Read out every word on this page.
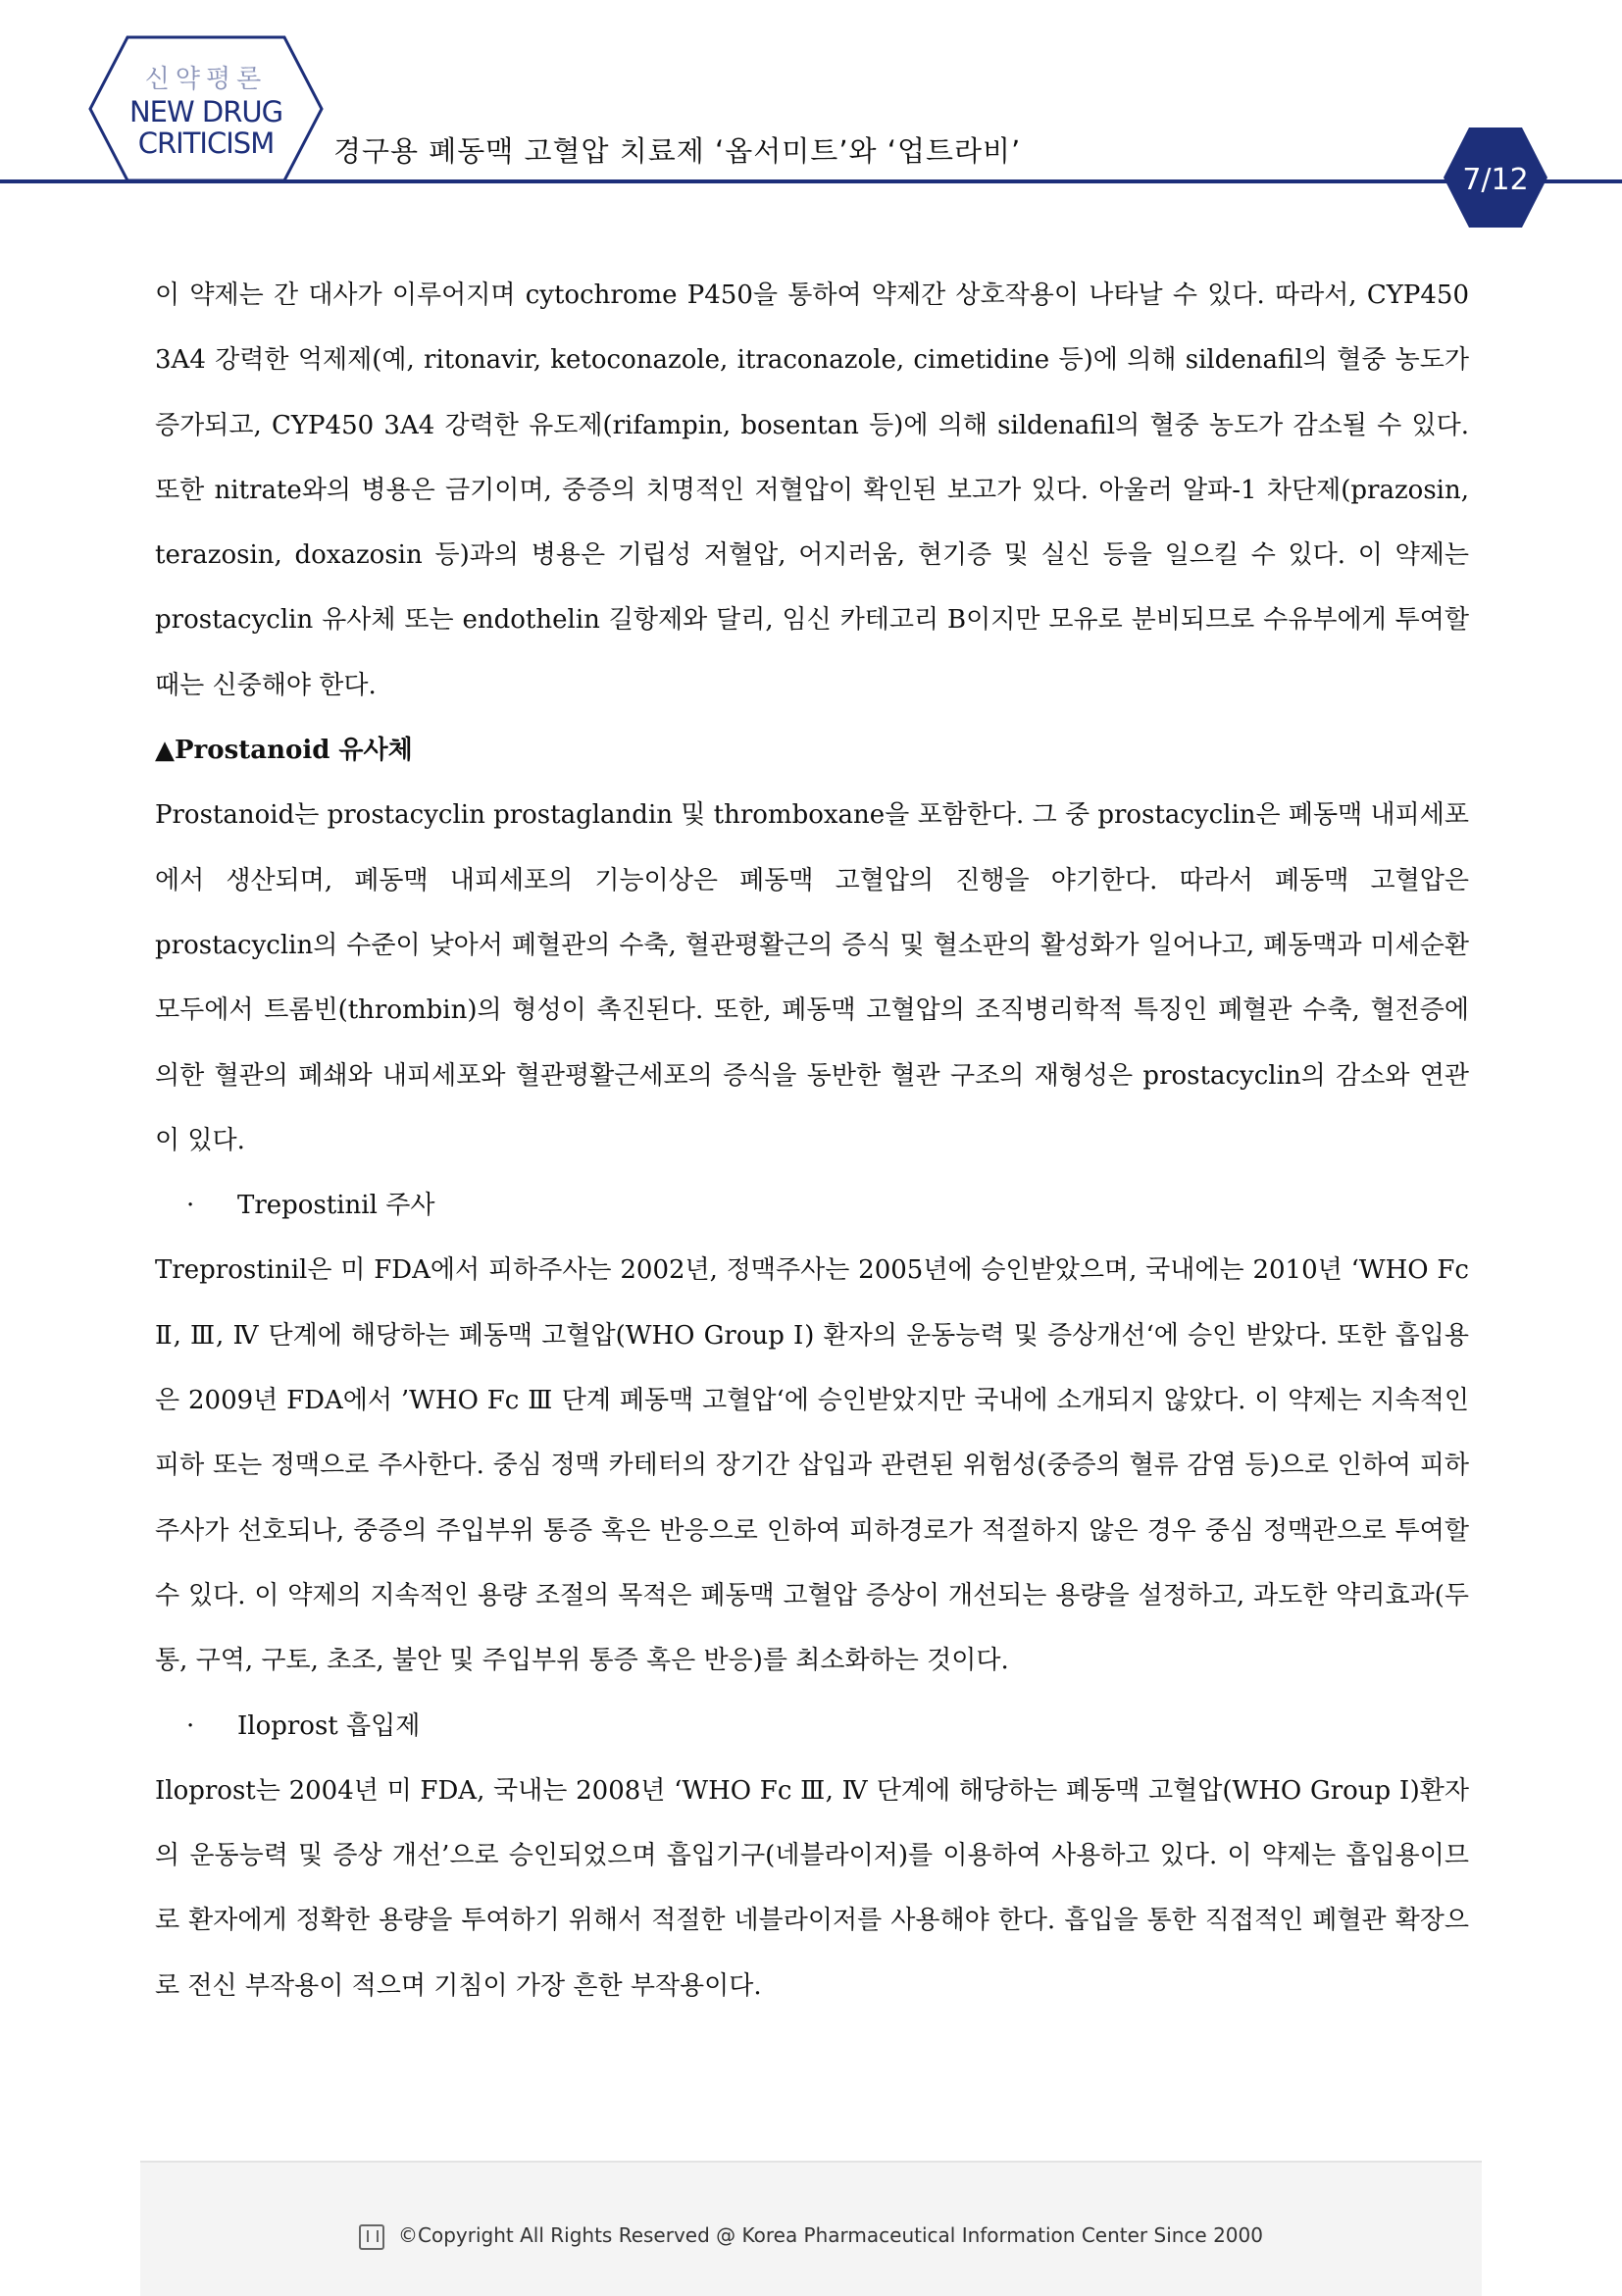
신약평론
NEW DRUG
CRITICISM	경구용 폐동맥 고혈압 치료제 ‘옵서미트’와 ‘업트라비’
7/12

이 약제는 간 대사가 이루어지며 cytochrome P450을 통하여 약제간 상호작용이 나타날 수 있다. 따라서, CYP450 3A4 강력한 억제제(예, ritonavir, ketoconazole, itraconazole, cimetidine 등)에 의해 sildenafil의 혈중 농도가 증가되고, CYP450 3A4 강력한 유도제(rifampin, bosentan 등)에 의해 sildenafil의 혈중 농도가 감소될 수 있다. 또한 nitrate와의 병용은 금기이며, 중증의 치명적인 저혈압이 확인된 보고가 있다. 아울러 알파-1 차단제(prazosin, terazosin, doxazosin 등)과의 병용은 기립성 저혈압, 어지러움, 현기증 및 실신 등을 일으킬 수 있다. 이 약제는 prostacyclin 유사체 또는 endothelin 길항제와 달리, 임신 카테고리 B이지만 모유로 분비되므로 수유부에게 투여할 때는 신중해야 한다.

▲Prostanoid 유사체

Prostanoid는 prostacyclin prostaglandin 및 thromboxane을 포함한다. 그 중 prostacyclin은 폐동맥 내피세포에서 생산되며, 폐동맥 내피세포의 기능이상은 폐동맥 고혈압의 진행을 야기한다. 따라서 폐동맥 고혈압은 prostacyclin의 수준이 낮아서 폐혈관의 수축, 혈관평활근의 증식 및 혈소판의 활성화가 일어나고, 폐동맥과 미세순환 모두에서 트롬빈(thrombin)의 형성이 촉진된다. 또한, 폐동맥 고혈압의 조직병리학적 특징인 폐혈관 수축, 혈전증에 의한 혈관의 폐쇄와 내피세포와 혈관평활근세포의 증식을 동반한 혈관 구조의 재형성은 prostacyclin의 감소와 연관이 있다.

· Trepostinil 주사

Treprostinil은 미 FDA에서 피하주사는 2002년, 정맥주사는 2005년에 승인받았으며, 국내에는 2010년 ‘WHO Fc Ⅱ, Ⅲ, Ⅳ 단계에 해당하는 폐동맥 고혈압(WHO Group Ⅰ) 환자의 운동능력 및 증상개선‘에 승인 받았다. 또한 흡입용은 2009년 FDA에서 ’WHO Fc Ⅲ 단계 폐동맥 고혈압‘에 승인받았지만 국내에 소개되지 않았다. 이 약제는 지속적인 피하 또는 정맥으로 주사한다. 중심 정맥 카테터의 장기간 삽입과 관련된 위험성(중증의 혈류 감염 등)으로 인하여 피하주사가 선호되나, 중증의 주입부위 통증 혹은 반응으로 인하여 피하경로가 적절하지 않은 경우 중심 정맥관으로 투여할 수 있다. 이 약제의 지속적인 용량 조절의 목적은 폐동맥 고혈압 증상이 개선되는 용량을 설정하고, 과도한 약리효과(두통, 구역, 구토, 초조, 불안 및 주입부위 통증 혹은 반응)를 최소화하는 것이다.

· Iloprost 흡입제

Iloprost는 2004년 미 FDA, 국내는 2008년 ‘WHO Fc Ⅲ, Ⅳ 단계에 해당하는 폐동맥 고혈압(WHO Group Ⅰ)환자의 운동능력 및 증상 개선’으로 승인되었으며 흡입기구(네블라이저)를 이용하여 사용하고 있다. 이 약제는 흡입용이므로 환자에게 정확한 용량을 투여하기 위해서 적절한 네블라이저를 사용해야 한다. 흡입을 통한 직접적인 폐혈관 확장으로 전신 부작용이 적으며 기침이 가장 흔한 부작용이다.

©Copyright All Rights Reserved @ Korea Pharmaceutical Information Center Since 2000
